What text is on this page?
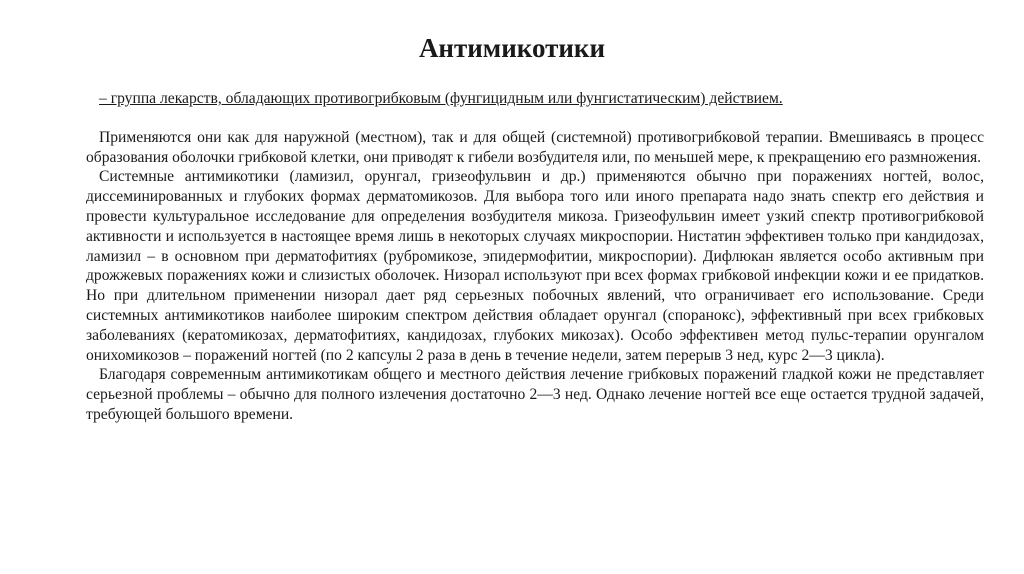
Антимикотики

– группа лекарств, обладающих противогрибковым (фунгицидным или фунгистатическим) действием.

Применяются они как для наружной (местном), так и для общей (системной) противогрибковой терапии. Вмешиваясь в процесс образования оболочки грибковой клетки, они приводят к гибели возбудителя или, по меньшей мере, к прекращению его размножения.

Системные антимикотики (ламизил, орунгал, гризеофульвин и др.) применяются обычно при поражениях ногтей, волос, диссеминированных и глубоких формах дерматомикозов. Для выбора того или иного препарата надо знать спектр его действия и провести культуральное исследование для определения возбудителя микоза. Гризеофульвин имеет узкий спектр противогрибковой активности и используется в настоящее время лишь в некоторых случаях микроспории. Нистатин эффективен только при кандидозах, ламизил – в основном при дерматофитиях (рубромикозе, эпидермофитии, микроспории). Дифлюкан является особо активным при дрожжевых поражениях кожи и слизистых оболочек. Низорал используют при всех формах грибковой инфекции кожи и ее придатков. Но при длительном применении низорал дает ряд серьезных побочных явлений, что ограничивает его использование. Среди системных антимикотиков наиболее широким спектром действия обладает орунгал (споранокс), эффективный при всех грибковых заболеваниях (кератомикозах, дерматофитиях, кандидозах, глубоких микозах). Особо эффективен метод пульс-терапии орунгалом онихомикозов – поражений ногтей (по 2 капсулы 2 раза в день в течение недели, затем перерыв 3 нед, курс 2—3 цикла).

Благодаря современным антимикотикам общего и местного действия лечение грибковых поражений гладкой кожи не представляет серьезной проблемы – обычно для полного излечения достаточно 2—3 нед. Однако лечение ногтей все еще остается трудной задачей, требующей большого времени.
